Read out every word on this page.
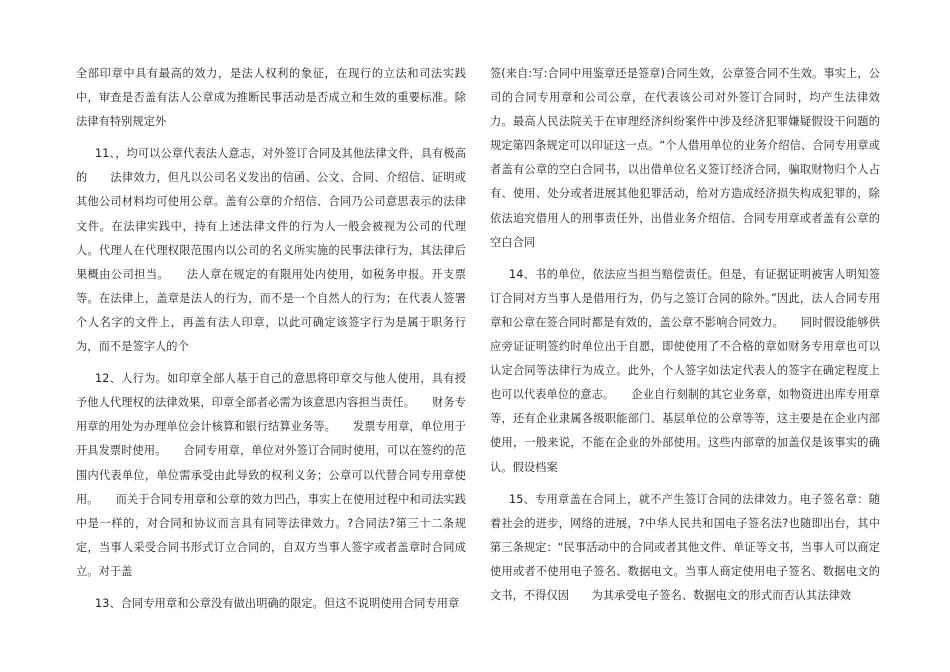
全部印章中具有最高的效力，是法人权利的象征，在现行的立法和司法实践中，审查是否盖有法人公章成为推断民事活动是否成立和生效的重要标准。除法律有特别规定外

11、，均可以公章代表法人意志，对外签订合同及其他法律文件，具有极高的　　法律效力，但凡以公司名义发出的信函、公文、合同、介绍信、证明或其他公司材料均可使用公章。盖有公章的介绍信、合同乃公司意思表示的法律文件。在法律实践中，持有上述法律文件的行为人一般会被视为公司的代理人。代理人在代理权限范围内以公司的名义所实施的民事法律行为，其法律后果概由公司担当。　　法人章在规定的有限用处内使用，如税务申报。开支票等。在法律上，盖章是法人的行为，而不是一个自然人的行为；在代表人签署个人名字的文件上，再盖有法人印章，以此可确定该签字行为是属于职务行为，而不是签字人的个

12、人行为。如印章全部人基于自己的意思将印章交与他人使用，具有授予他人代理权的法律效果，印章全部者必需为该意思内容担当责任。　　财务专用章的用处为办理单位会计核算和银行结算业务等。　　发票专用章，单位用于开具发票时使用。　　合同专用章，单位对外签订合同时使用，可以在签约的范围内代表单位，单位需承受由此导致的权利义务；公章可以代替合同专用章使用。　　而关于合同专用章和公章的效力凹凸，事实上在使用过程中和司法实践中是一样的，对合同和协议而言具有同等法律效力。?合同法?第三十二条规定，当事人采受合同书形式订立合同的，自双方当事人签字或者盖章时合同成立。对于盖

13、合同专用章和公章没有做出明确的限定。但这不说明使用合同专用章

签(来自:写:合同中用鉴章还是签章)合同生效，公章签合同不生效。事实上，公司的合同专用章和公司公章，在代表该公司对外签订合同时，均产生法律效力。最高人民法院关于在审理经济纠纷案件中涉及经济犯罪嫌疑假设干问题的规定第四条规定可以印证这一点。“个人借用单位的业务介绍信、合同专用章或者盖有公章的空白合同书，以出借单位名义签订经济合同，骗取财物归个人占有、使用、处分或者进展其他犯罪活动，给对方造成经济损失构成犯罪的，除依法追究借用人的刑事责任外，出借业务介绍信、合同专用章或者盖有公章的空白合同

14、书的单位，依法应当担当赔偿责任。但是，有证据证明被害人明知签订合同对方当事人是借用行为，仍与之签订合同的除外。”因此，法人合同专用章和公章在签合同时都是有效的，盖公章不影响合同效力。　　同时假设能够供应旁证证明签约时单位出于自愿，即使使用了不合格的章如财务专用章也可以认定合同等法律行为成立。此外，个人签字如法定代表人的签字在确定程度上也可以代表单位的意志。　　企业自行刻制的其它业务章，如物资进出库专用章等，还有企业隶属各级职能部门、基层单位的公章等等，这主要是在企业内部使用，一般来说，不能在企业的外部使用。这些内部章的加盖仅是该事实的确认。假设档案

15、专用章盖在合同上，就不产生签订合同的法律效力。电子签名章：随着社会的进步，网络的进展，?中华人民共和国电子签名法?也随即出台，其中第三条规定：“民事活动中的合同或者其他文件、单证等文书，当事人可以商定使用或者不使用电子签名、数据电文。当事人商定使用电子签名、数据电文的文书，不得仅因　　为其承受电子签名、数据电文的形式而否认其法律效
